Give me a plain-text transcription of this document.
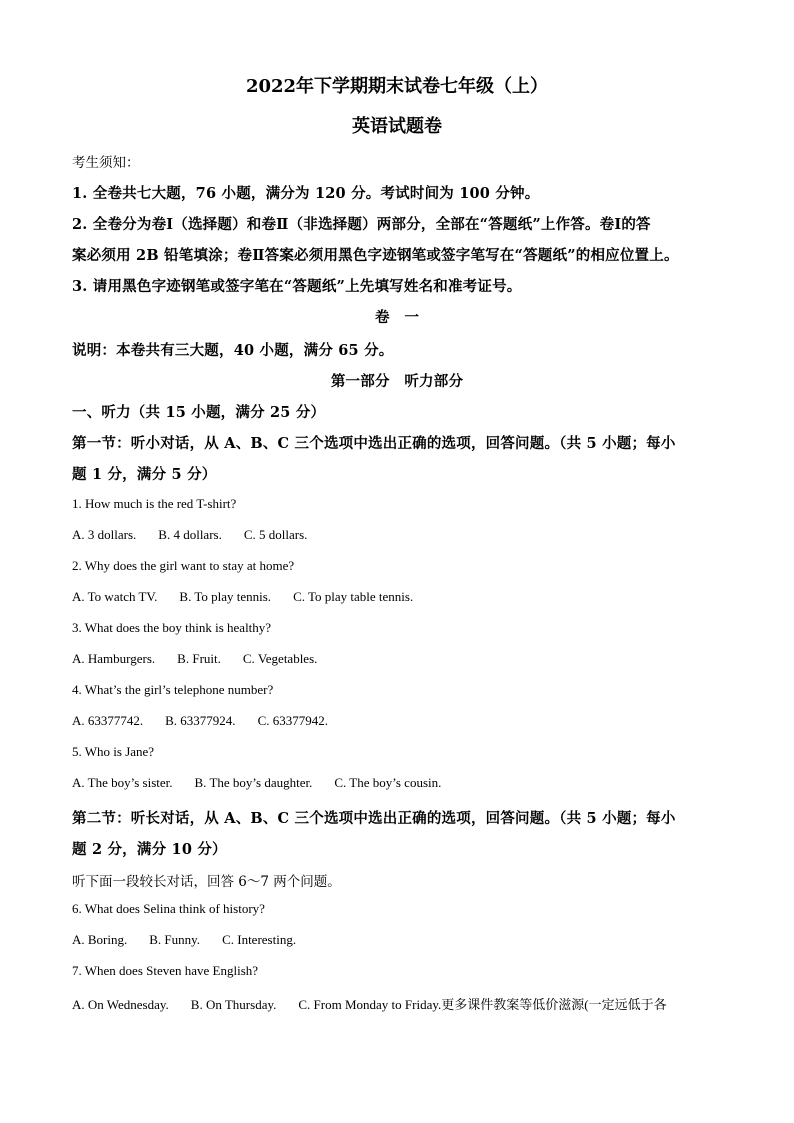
2022年下学期期末试卷七年级（上）
英语试题卷
考生须知：
1. 全卷共七大题，76 小题，满分为 120 分。考试时间为 100 分钟。
2. 全卷分为卷Ⅰ（选择题）和卷Ⅱ（非选择题）两部分，全部在“答题纸”上作答。卷Ⅰ的答
案必须用 2B 铅笔填涂；卷Ⅱ答案必须用黑色字迹钢笔或签字笔写在“答题纸”的相应位置上。
3. 请用黑色字迹钢笔或签字笔在“答题纸”上先填写姓名和准考证号。
卷　一
说明：本卷共有三大题，40 小题，满分 65 分。
第一部分　听力部分
一、听力（共 15 小题，满分 25 分）
第一节：听小对话，从 A、B、C 三个选项中选出正确的选项，回答问题。（共 5 小题；每小
题 1 分，满分 5 分）
1. How much is the red T-shirt?
A. 3 dollars. B. 4 dollars. C. 5 dollars.
2. Why does the girl want to stay at home?
A. To watch TV. B. To play tennis. C. To play table tennis.
3. What does the boy think is healthy?
A. Hamburgers. B. Fruit. C. Vegetables.
4. What’s the girl’s telephone number?
A. 63377742. B. 63377924. C. 63377942.
5. Who is Jane?
A. The boy’s sister. B. The boy’s daughter. C. The boy’s cousin.
第二节：听长对话，从 A、B、C 三个选项中选出正确的选项，回答问题。（共 5 小题；每小
题 2 分，满分 10 分）
听下面一段较长对话，回答 6～7 两个问题。
6. What does Selina think of history?
A. Boring. B. Funny. C. Interesting.
7. When does Steven have English?
A. On Wednesday. B. On Thursday. C. From Monday to Friday.更多课件教案等低价滋源(一定远低于各
